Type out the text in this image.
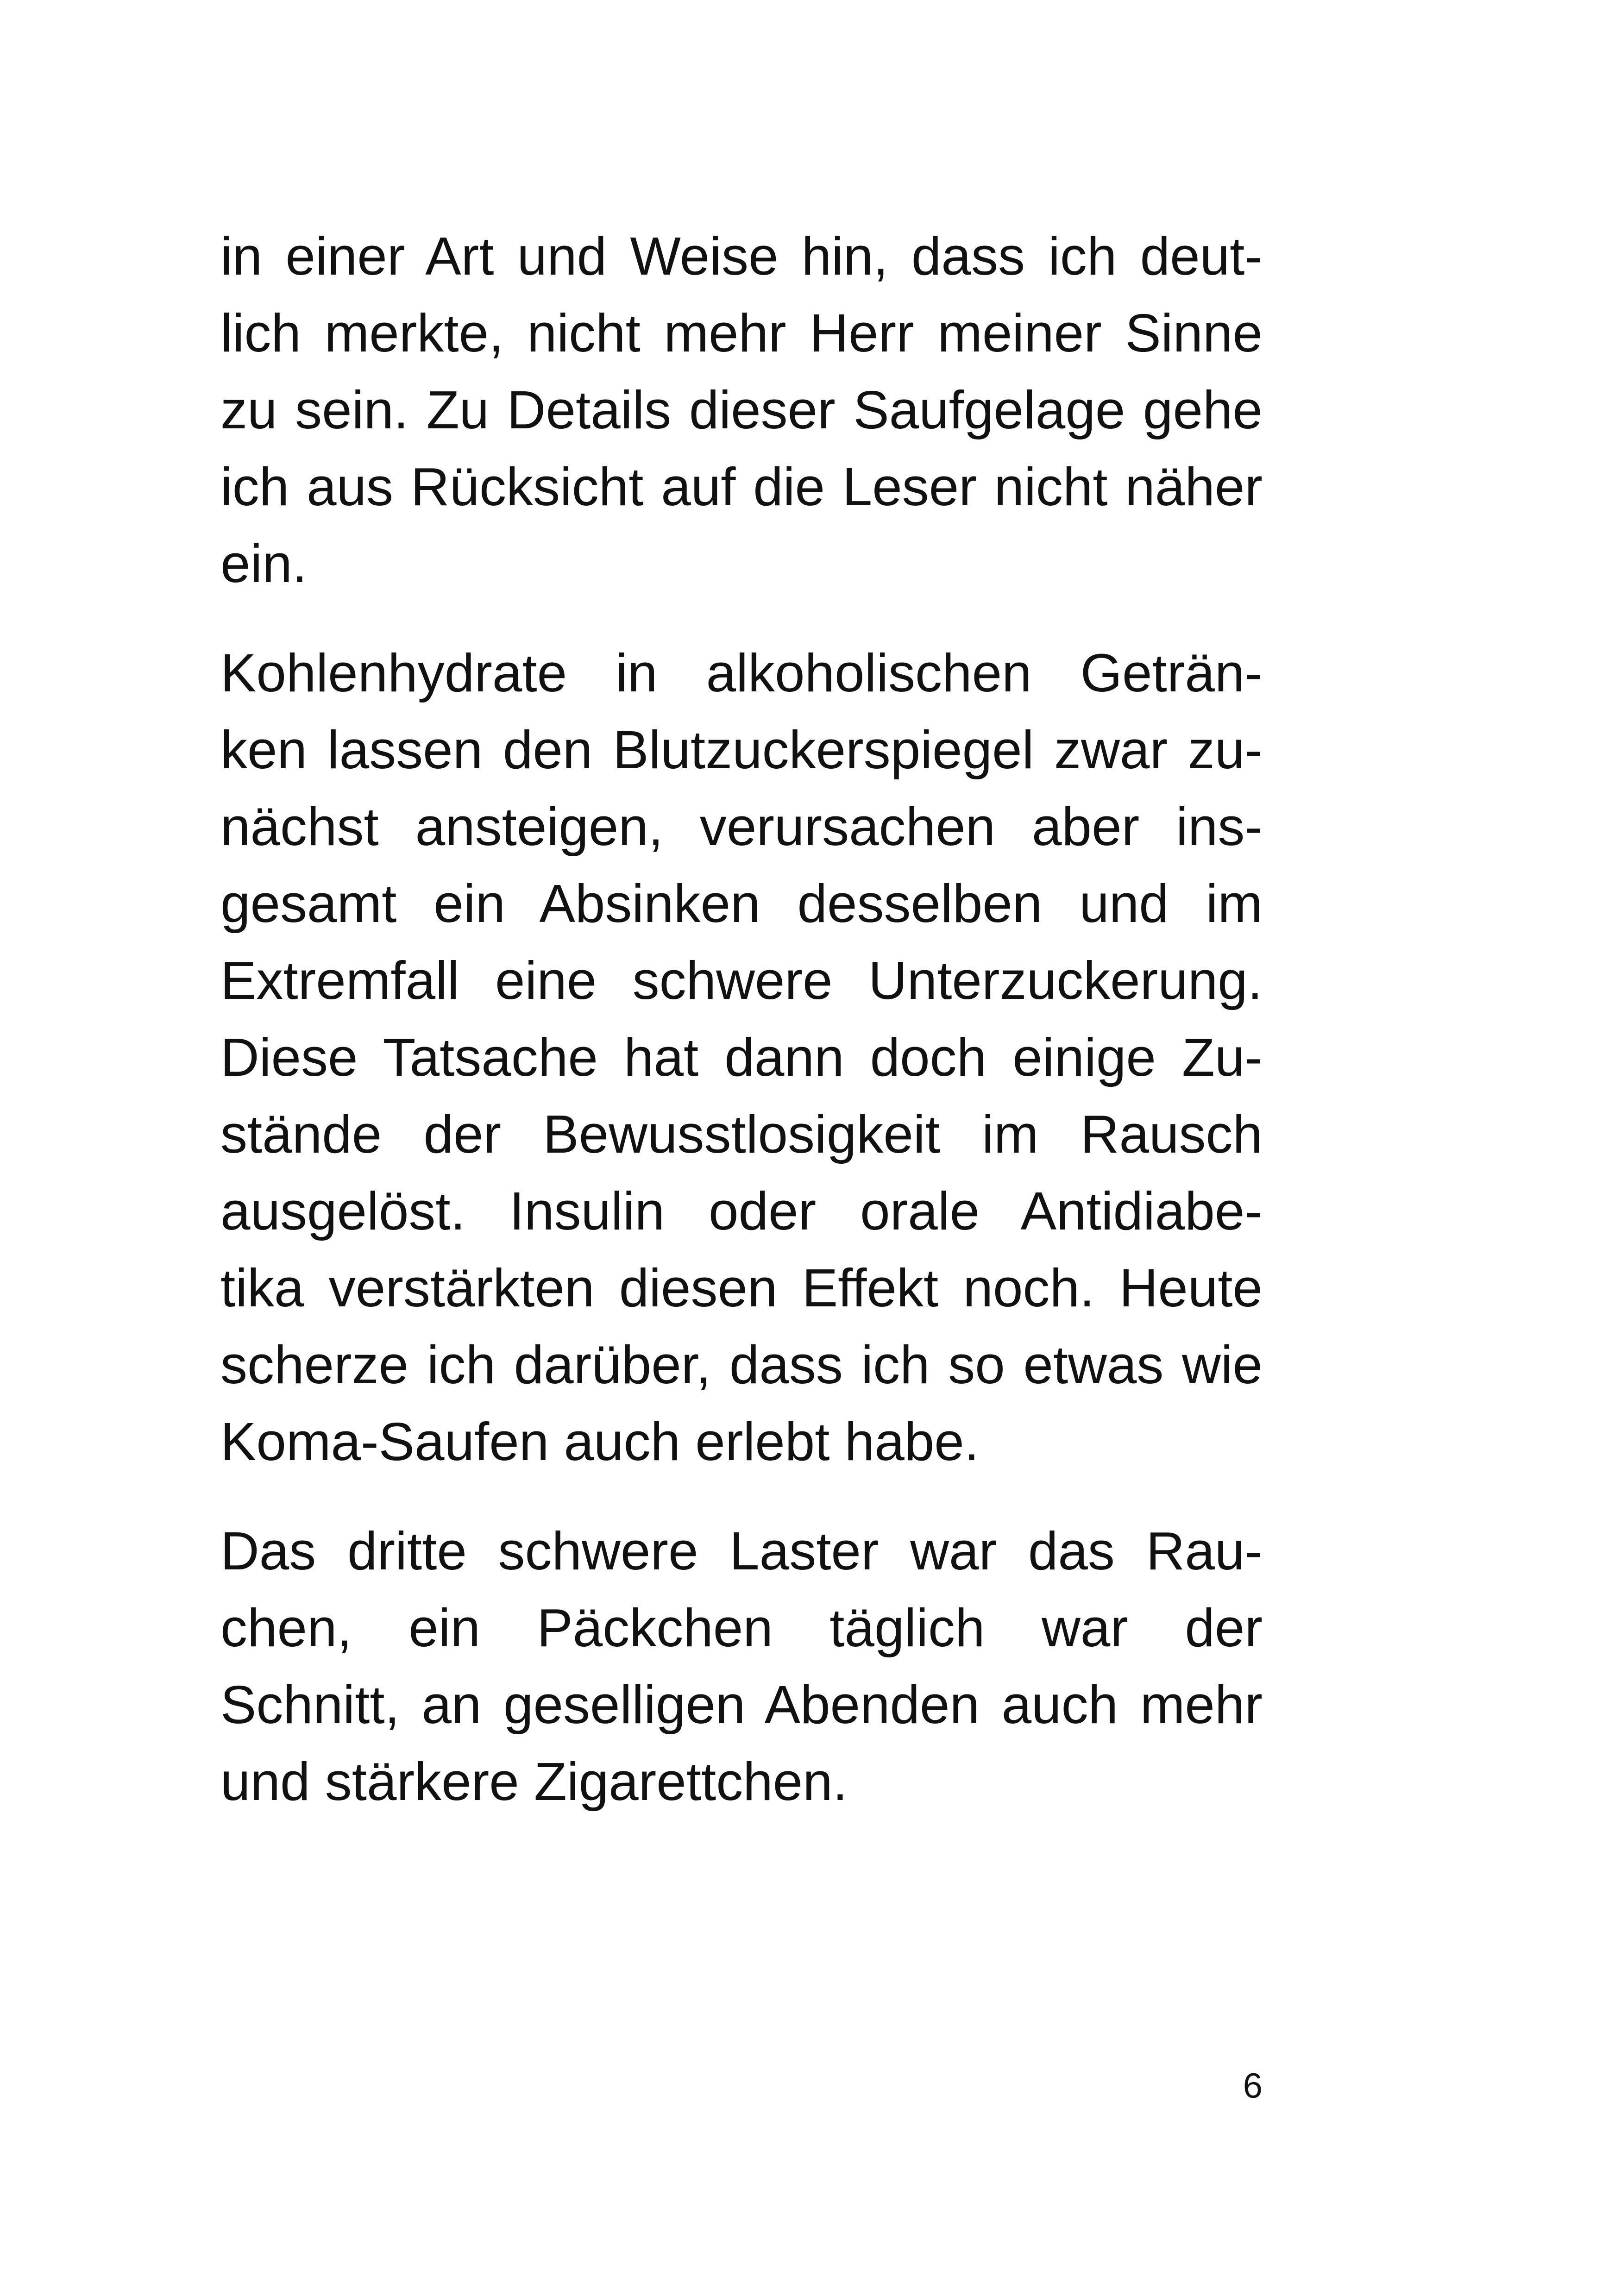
in einer Art und Weise hin, dass ich deut-
lich merkte, nicht mehr Herr meiner Sinne
zu sein. Zu Details dieser Saufgelage gehe
ich aus Rücksicht auf die Leser nicht näher
ein.
Kohlenhydrate in alkoholischen Geträn-
ken lassen den Blutzuckerspiegel zwar zu-
nächst ansteigen, verursachen aber ins-
gesamt ein Absinken desselben und im
Extremfall eine schwere Unterzuckerung.
Diese Tatsache hat dann doch einige Zu-
stände der Bewusstlosigkeit im Rausch
ausgelöst. Insulin oder orale Antidiabe-
tika verstärkten diesen Effekt noch. Heute
scherze ich darüber, dass ich so etwas wie
Koma-Saufen auch erlebt habe.
Das dritte schwere Laster war das Rau-
chen, ein Päckchen täglich war der
Schnitt, an geselligen Abenden auch mehr
und stärkere Zigarettchen.
6
